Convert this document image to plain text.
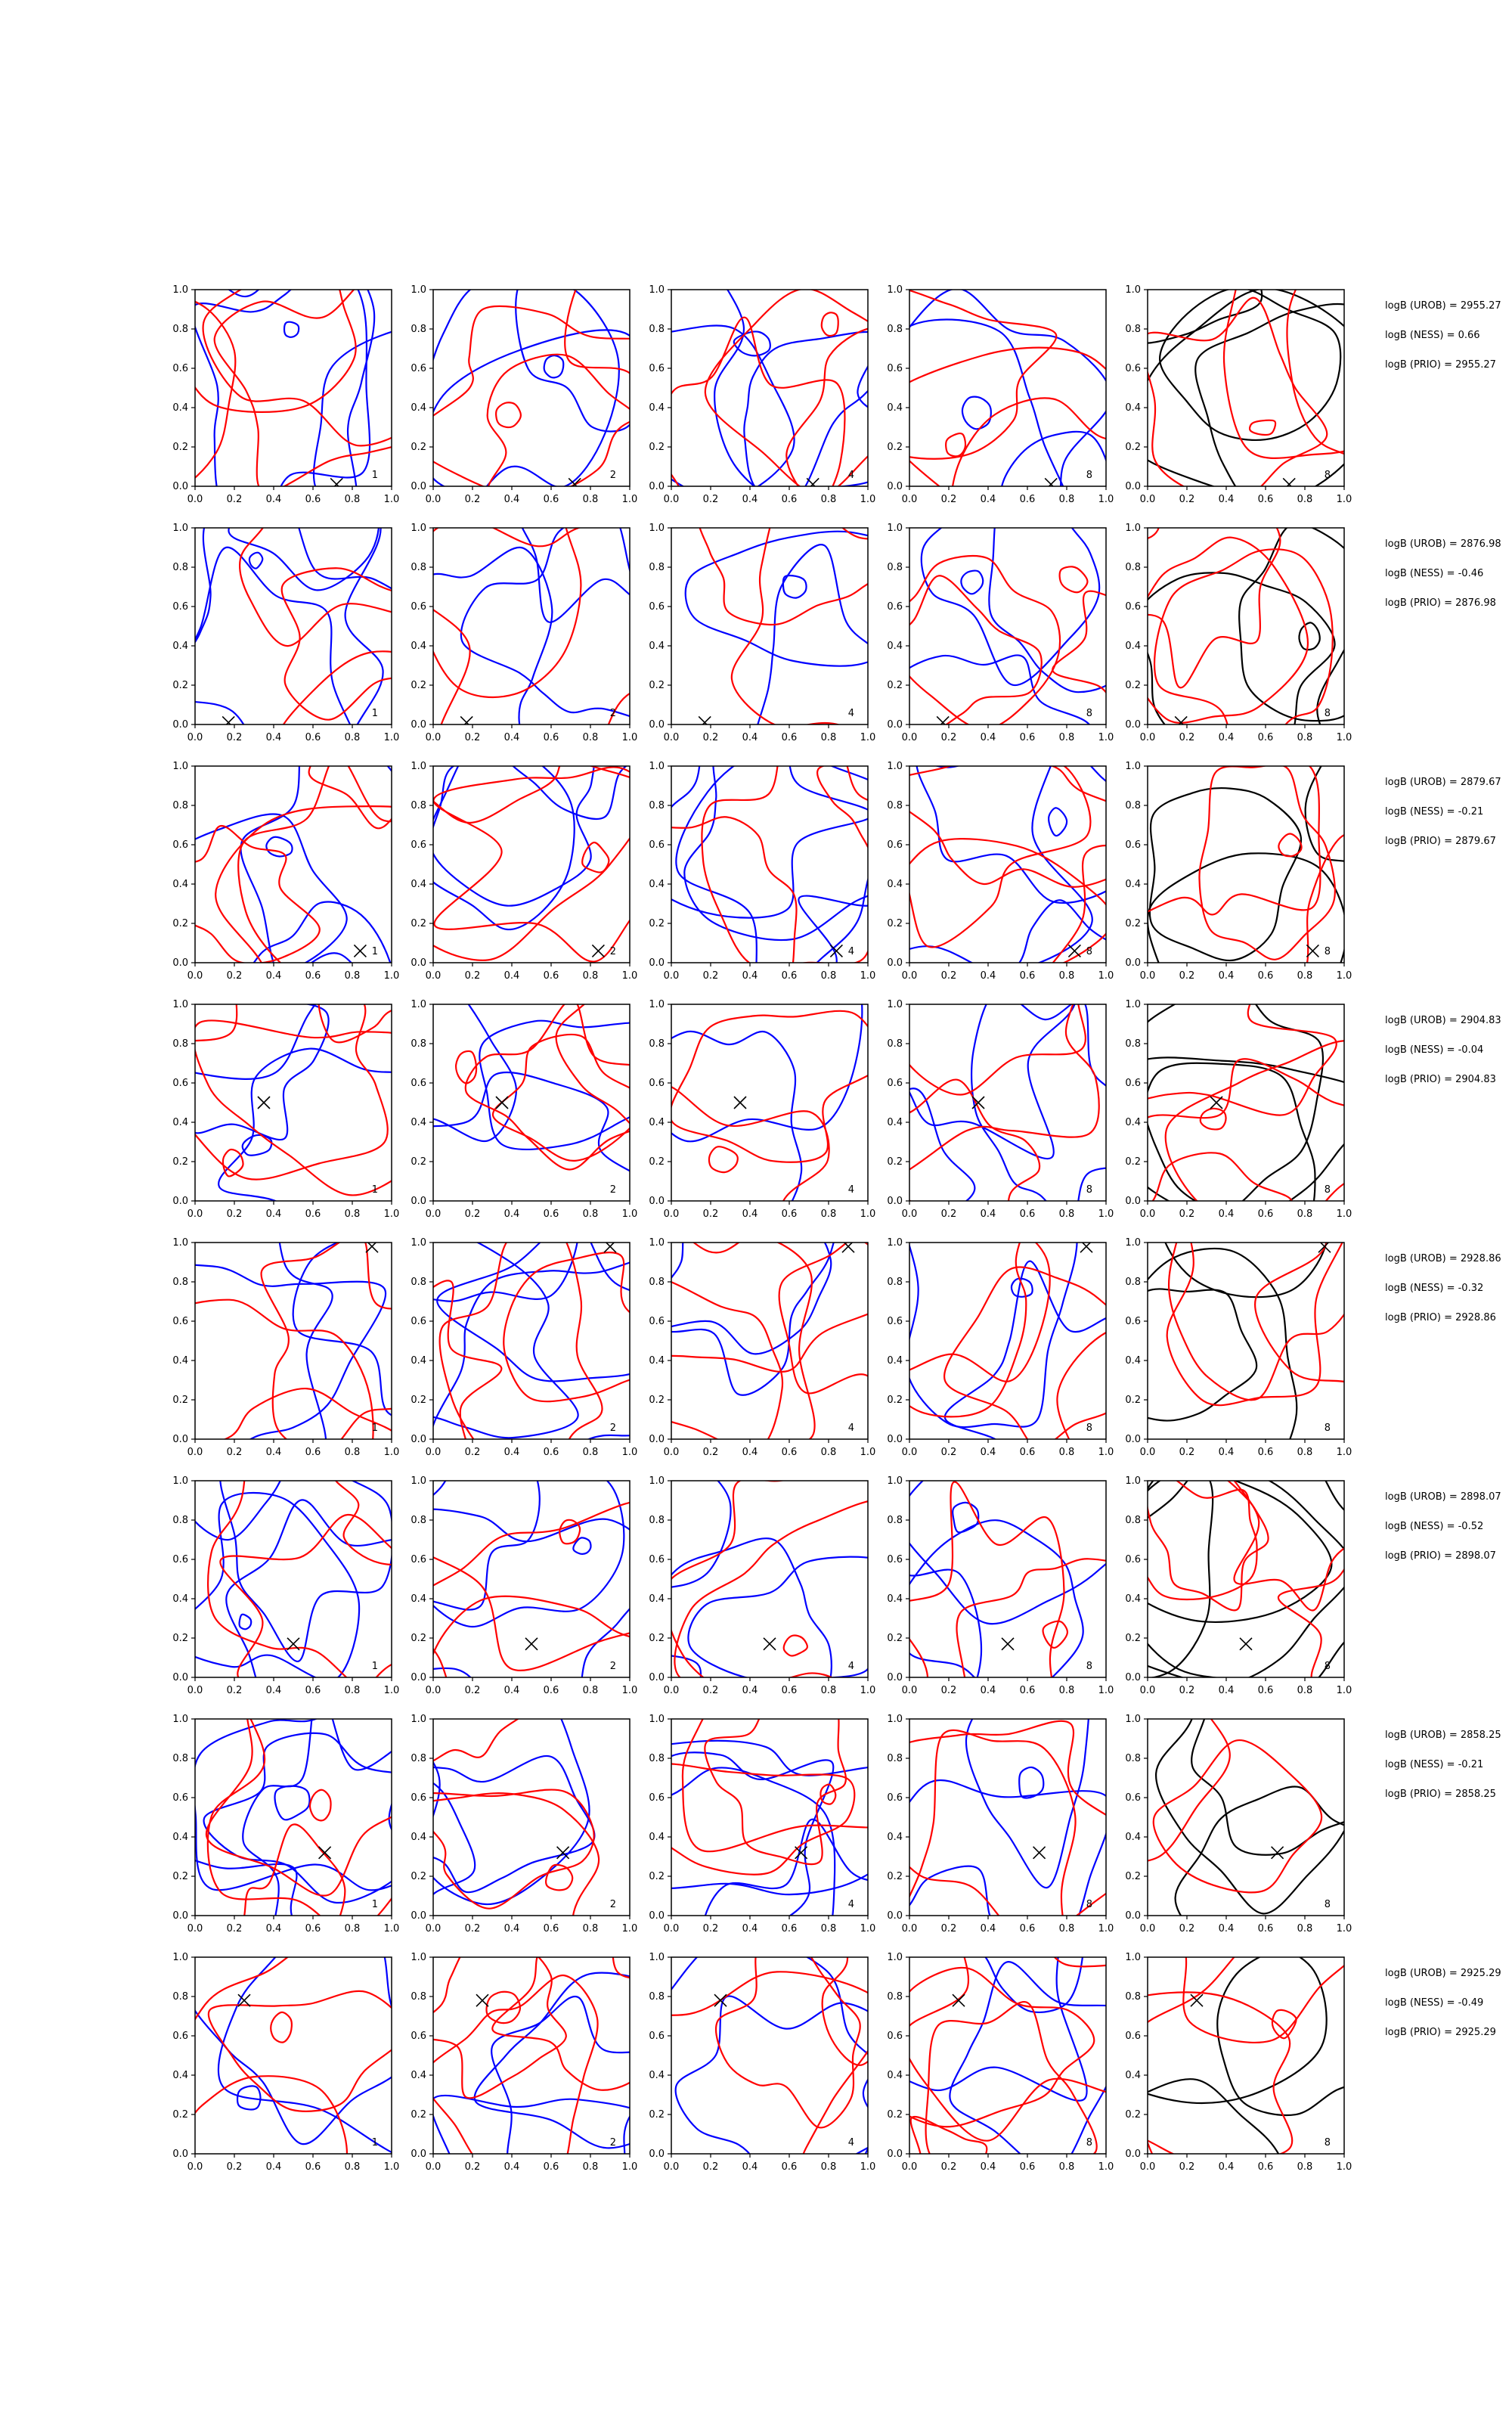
0.0 0.2 0.4 0.6 0.8 1.0
0.0
0.2
0.4
0.6
0.8
1.0
1
0.0 0.2 0.4 0.6 0.8 1.0
0.0
0.2
0.4
0.6
0.8
1.0
2
0.0 0.2 0.4 0.6 0.8 1.0
0.0
0.2
0.4
0.6
0.8
1.0
4
0.0 0.2 0.4 0.6 0.8 1.0
0.0
0.2
0.4
0.6
0.8
1.0
8
0.0 0.2 0.4 0.6 0.8 1.0
0.0
0.2
0.4
0.6
0.8
1.0
8
0.0 0.2 0.4 0.6 0.8 1.0
0.0
0.2
0.4
0.6
0.8
1.0
1
0.0 0.2 0.4 0.6 0.8 1.0
0.0
0.2
0.4
0.6
0.8
1.0
2
0.0 0.2 0.4 0.6 0.8 1.0
0.0
0.2
0.4
0.6
0.8
1.0
4
0.0 0.2 0.4 0.6 0.8 1.0
0.0
0.2
0.4
0.6
0.8
1.0
8
0.0 0.2 0.4 0.6 0.8 1.0
0.0
0.2
0.4
0.6
0.8
1.0
8
0.0 0.2 0.4 0.6 0.8 1.0
0.0
0.2
0.4
0.6
0.8
1.0
1
0.0 0.2 0.4 0.6 0.8 1.0
0.0
0.2
0.4
0.6
0.8
1.0
2
0.0 0.2 0.4 0.6 0.8 1.0
0.0
0.2
0.4
0.6
0.8
1.0
4
0.0 0.2 0.4 0.6 0.8 1.0
0.0
0.2
0.4
0.6
0.8
1.0
8
0.0 0.2 0.4 0.6 0.8 1.0
0.0
0.2
0.4
0.6
0.8
1.0
8
0.0 0.2 0.4 0.6 0.8 1.0
0.0
0.2
0.4
0.6
0.8
1.0
1
0.0 0.2 0.4 0.6 0.8 1.0
0.0
0.2
0.4
0.6
0.8
1.0
2
0.0 0.2 0.4 0.6 0.8 1.0
0.0
0.2
0.4
0.6
0.8
1.0
4
0.0 0.2 0.4 0.6 0.8 1.0
0.0
0.2
0.4
0.6
0.8
1.0
8
0.0 0.2 0.4 0.6 0.8 1.0
0.0
0.2
0.4
0.6
0.8
1.0
8
0.0 0.2 0.4 0.6 0.8 1.0
0.0
0.2
0.4
0.6
0.8
1.0
1
0.0 0.2 0.4 0.6 0.8 1.0
0.0
0.2
0.4
0.6
0.8
1.0
2
0.0 0.2 0.4 0.6 0.8 1.0
0.0
0.2
0.4
0.6
0.8
1.0
4
0.0 0.2 0.4 0.6 0.8 1.0
0.0
0.2
0.4
0.6
0.8
1.0
8
0.0 0.2 0.4 0.6 0.8 1.0
0.0
0.2
0.4
0.6
0.8
1.0
8
0.0 0.2 0.4 0.6 0.8 1.0
0.0
0.2
0.4
0.6
0.8
1.0
1
0.0 0.2 0.4 0.6 0.8 1.0
0.0
0.2
0.4
0.6
0.8
1.0
2
0.0 0.2 0.4 0.6 0.8 1.0
0.0
0.2
0.4
0.6
0.8
1.0
4
0.0 0.2 0.4 0.6 0.8 1.0
0.0
0.2
0.4
0.6
0.8
1.0
8
0.0 0.2 0.4 0.6 0.8 1.0
0.0
0.2
0.4
0.6
0.8
1.0
8
0.0 0.2 0.4 0.6 0.8 1.0
0.0
0.2
0.4
0.6
0.8
1.0
1
0.0 0.2 0.4 0.6 0.8 1.0
0.0
0.2
0.4
0.6
0.8
1.0
2
0.0 0.2 0.4 0.6 0.8 1.0
0.0
0.2
0.4
0.6
0.8
1.0
4
0.0 0.2 0.4 0.6 0.8 1.0
0.0
0.2
0.4
0.6
0.8
1.0
8
0.0 0.2 0.4 0.6 0.8 1.0
0.0
0.2
0.4
0.6
0.8
1.0
8
0.0 0.2 0.4 0.6 0.8 1.0
0.0
0.2
0.4
0.6
0.8
1.0
1
0.0 0.2 0.4 0.6 0.8 1.0
0.0
0.2
0.4
0.6
0.8
1.0
2
0.0 0.2 0.4 0.6 0.8 1.0
0.0
0.2
0.4
0.6
0.8
1.0
4
0.0 0.2 0.4 0.6 0.8 1.0
0.0
0.2
0.4
0.6
0.8
1.0
8
0.0 0.2 0.4 0.6 0.8 1.0
0.0
0.2
0.4
0.6
0.8
1.0
8
logB (UROB) = 2955.27
logB (NESS) = 0.66
logB (PRIO) = 2955.27
logB (UROB) = 2876.98
logB (NESS) = -0.46
logB (PRIO) = 2876.98
logB (UROB) = 2879.67
logB (NESS) = -0.21
logB (PRIO) = 2879.67
logB (UROB) = 2904.83
logB (NESS) = -0.04
logB (PRIO) = 2904.83
logB (UROB) = 2928.86
logB (NESS) = -0.32
logB (PRIO) = 2928.86
logB (UROB) = 2898.07
logB (NESS) = -0.52
logB (PRIO) = 2898.07
logB (UROB) = 2858.25
logB (NESS) = -0.21
logB (PRIO) = 2858.25
logB (UROB) = 2925.29
logB (NESS) = -0.49
logB (PRIO) = 2925.29
